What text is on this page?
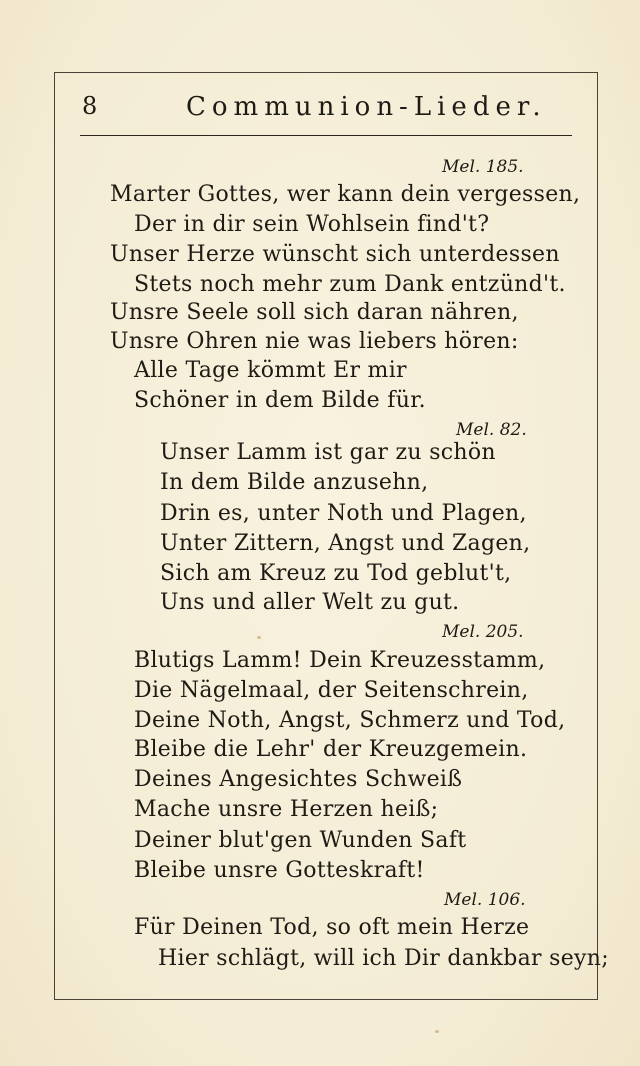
8	Communion-Lieder.
Mel. 185.
Marter Gottes, wer kann dein vergessen,
Der in dir sein Wohlsein find't?
Unser Herze wünscht sich unterdessen
Stets noch mehr zum Dank entzünd't.
Unsre Seele soll sich daran nähren,
Unsre Ohren nie was liebers hören:
Alle Tage kömmt Er mir
Schöner in dem Bilde für.
Mel. 82.
Unser Lamm ist gar zu schön
In dem Bilde anzusehn,
Drin es, unter Noth und Plagen,
Unter Zittern, Angst und Zagen,
Sich am Kreuz zu Tod geblut't,
Uns und aller Welt zu gut.
Mel. 205.
Blutigs Lamm! Dein Kreuzesstamm,
Die Nägelmaal, der Seitenschrein,
Deine Noth, Angst, Schmerz und Tod,
Bleibe die Lehr' der Kreuzgemein.
Deines Angesichtes Schweiß
Mache unsre Herzen heiß;
Deiner blut'gen Wunden Saft
Bleibe unsre Gotteskraft!
Mel. 106.
Für Deinen Tod, so oft mein Herze
Hier schlägt, will ich Dir dankbar seyn;
